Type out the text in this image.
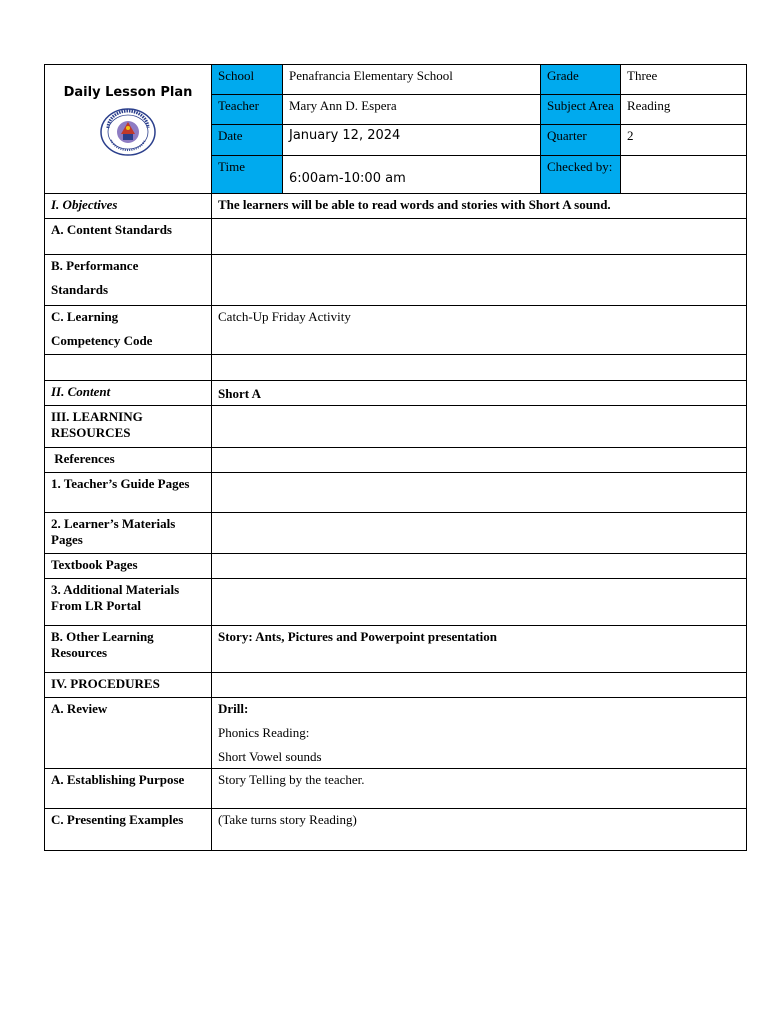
Daily Lesson Plan	School	Penafrancia Elementary School	Grade	Three
	Teacher	Mary Ann D. Espera	Subject Area	Reading
	Date	January 12, 2024	Quarter	2
	Time	6:00am-10:00 am	Checked by:	
I. Objectives	The learners will be able to read words and stories with Short A sound.			
A. Content Standards				

B. Performance
Standards				

C. Learning
Competency Code	Catch-Up Friday Activity			

II. Content	Short A			
III. LEARNING RESOURCES				
References				
1. Teacher’s Guide Pages				
2. Learner’s Materials Pages				
Textbook Pages				
3. Additional Materials From LR Portal				
B. Other Learning Resources	Story: Ants, Pictures and Powerpoint presentation			
IV. PROCEDURES				
A. Review	Drill:
Phonics Reading:
Short Vowel sounds			
A. Establishing Purpose	Story Telling by the teacher.			
C. Presenting Examples	(Take turns story Reading)			
